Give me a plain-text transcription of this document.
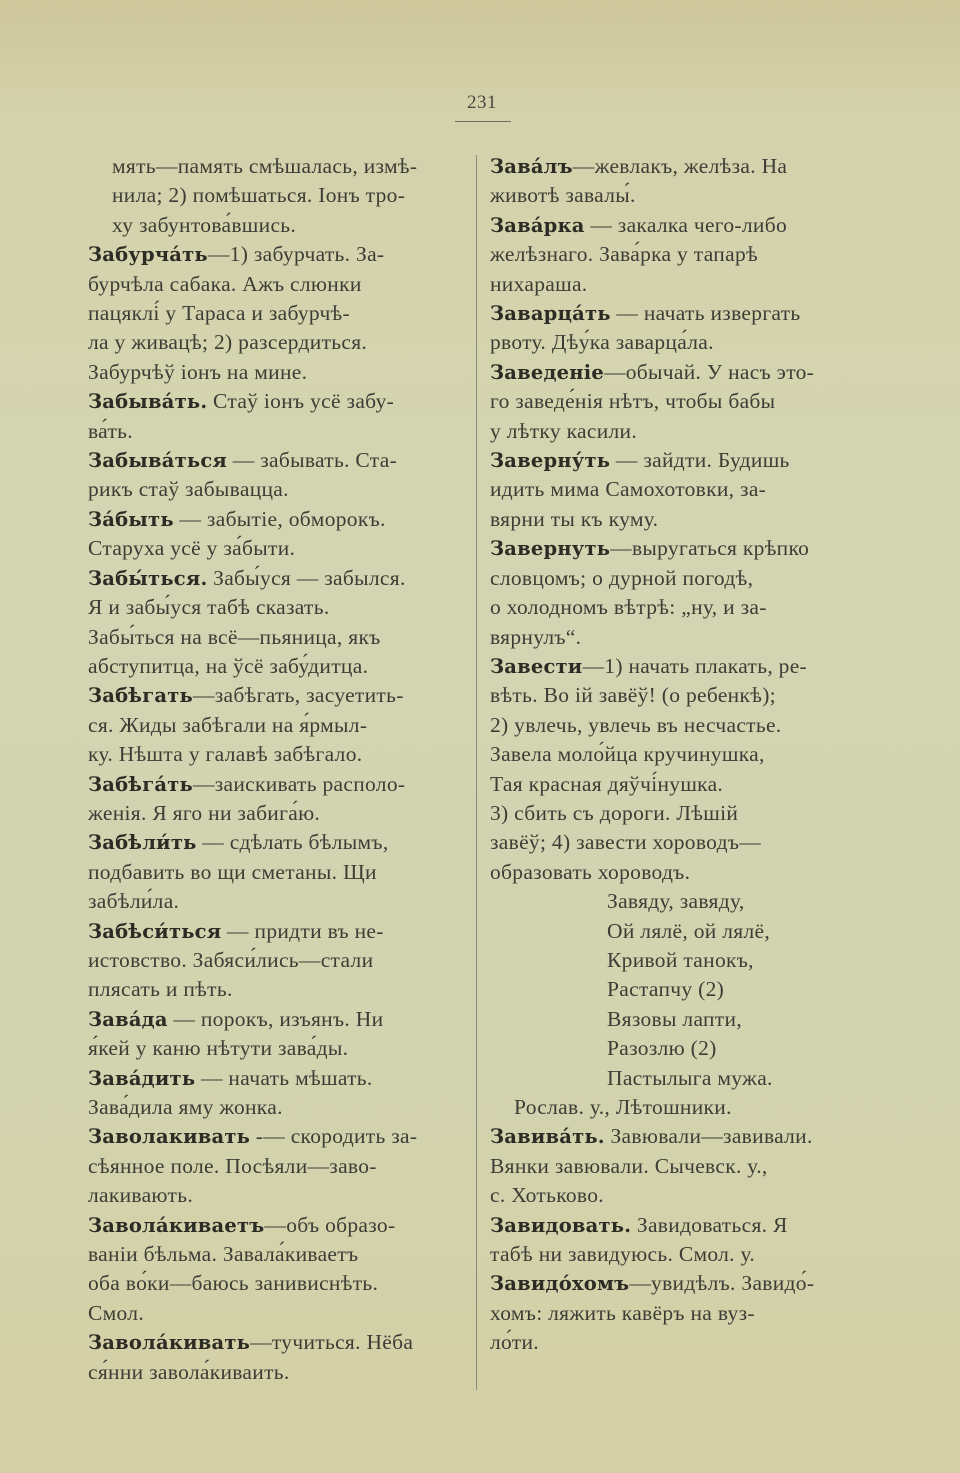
231

мять—память смѣшалась, измѣ-
нила; 2) помѣшаться. Іонъ тро-
ху забунтова́вшись.

Забурча́ть—1) забурчать. За-
бурчѣла сабака. Ажъ слюнки
пацяклі́ у Тараса и забурчѣ-
ла у живацѣ; 2) разсердиться.
Забурчѣў іонъ на мине.

Забыва́ть. Стаў іонъ усё забу-
ва́ть.

Забыва́ться — забывать. Ста-
рикъ стаў забывацца.

За́быть — забытіе, обморокъ.
Старуха усё у за́быти.

Забы́ться. Забы́уся — забылся.
Я и забы́уся табѣ сказать.
Забы́ться на всё—пьяница, якъ
абступитца, на ўсё забу́дитца.

Забѣгать—забѣгать, засуетить-
ся. Жиды забѣгали на я́рмыл-
ку. Нѣшта у галавѣ забѣгало.

Забѣга́ть—заискивать располо-
женія. Я яго ни забига́ю.

Забѣли́ть — сдѣлать бѣлымъ,
подбавить во щи сметаны. Щи
забѣли́ла.

Забѣси́ться — придти въ не-
истовство. Забяси́лись—стали
плясать и пѣть.

Зава́да — порокъ, изъянъ. Ни
я́кей у каню нѣтути зава́ды.

Зава́дить — начать мѣшать.
Зава́дила яму жонка.

Заволакивать -— скородить за-
сѣянное поле. Посѣяли—заво-
лакивають.

Завола́киваетъ—объ образо-
ваніи бѣльма. Завала́киваетъ
оба во́ки—баюсь занивиснѣть.
Смол.

Завола́кивать—тучиться. Нёба
ся́нни завола́киваить.

Зава́лъ—жевлакъ, желѣза. На
животѣ завалы́.

Зава́рка — закалка чего-либо
желѣзнаго. Зава́рка у тапарѣ
нихараша.

Заварца́ть — начать извергать
рвоту. Дѣу́ка заварца́ла.

Заведеніе—обычай. У насъ это-
го заведе́нія нѣтъ, чтобы бабы
у лѣтку касили.

Заверну́ть — зайдти. Будишь
идить мима Самохотовки, за-
вярни ты къ куму.

Завернуть—выругаться крѣпко
словцомъ; о дурной погодѣ,
о холодномъ вѣтрѣ: „ну, и за-
вярнулъ“.

Завести—1) начать плакать, ре-
вѣть. Во ій завёў! (о ребенкѣ);
2) увлечь, увлечь въ несчастье.
Завела моло́йца кручинушка,
Тая красная дяўчі́нушка.
3) сбить съ дороги. Лѣшій
завёў; 4) завести хороводъ—
образовать хороводъ.

Завяду, завяду,

Ой лялё, ой лялё,

Кривой танокъ,

Растапчу (2)

Вязовы лапти,

Разозлю (2)

Пастылыга мужа.

Рослав. у., Лѣтошники.

Завива́ть. Завювали—завивали.
Вянки завювали. Сычевск. у.,
с. Хотьково.

Завидовать. Завидоваться. Я
табѣ ни завидуюсь. Смол. у.

Завидо́хомъ—увидѣлъ. Завидо́-
хомъ: ляжить кавёръ на вуз-
ло́ти.
